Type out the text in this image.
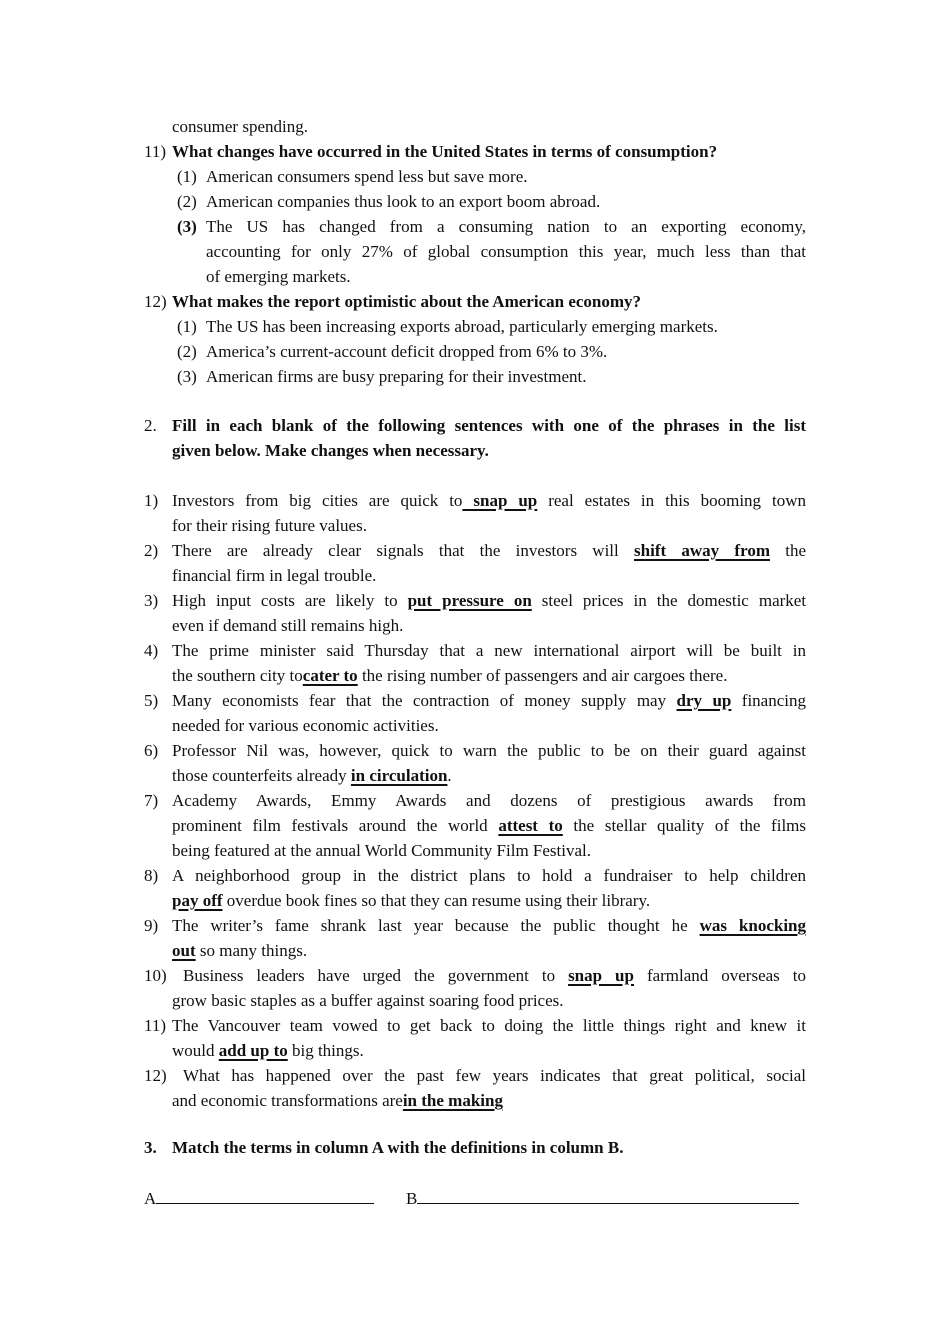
consumer spending.
11) What changes have occurred in the United States in terms of consumption?
(1) American consumers spend less but save more.
(2) American companies thus look to an export boom abroad.
(3) The US has changed from a consuming nation to an exporting economy,
accounting for only 27% of global consumption this year, much less than that
of emerging markets.
12) What makes the report optimistic about the American economy?
(1) The US has been increasing exports abroad, particularly emerging markets.
(2) America’s current-account deficit dropped from 6% to 3%.
(3) American firms are busy preparing for their investment.
2. Fill in each blank of the following sentences with one of the phrases in the list
given below. Make changes when necessary.
1) Investors from big cities are quick to snap up real estates in this booming town
for their rising future values.
2) There are already clear signals that the investors will shift away from the
financial firm in legal trouble.
3) High input costs are likely to put pressure on steel prices in the domestic market
even if demand still remains high.
4) The prime minister said Thursday that a new international airport will be built in
the southern city tocater to the rising number of passengers and air cargoes there.
5) Many economists fear that the contraction of money supply may dry up financing
needed for various economic activities.
6) Professor Nil was, however, quick to warn the public to be on their guard against
those counterfeits already in circulation.
7) Academy Awards, Emmy Awards and dozens of prestigious awards from
prominent film festivals around the world attest to the stellar quality of the films
being featured at the annual World Community Film Festival.
8) A neighborhood group in the district plans to hold a fundraiser to help children
pay off overdue book fines so that they can resume using their library.
9) The writer’s fame shrank last year because the public thought he was knocking
out so many things.
10) Business leaders have urged the government to snap up farmland overseas to
grow basic staples as a buffer against soaring food prices.
11) The Vancouver team vowed to get back to doing the little things right and knew it
would add up to big things.
12) What has happened over the past few years indicates that great political, social
and economic transformations arein the making
3. Match the terms in column A with the definitions in column B.
A	B
